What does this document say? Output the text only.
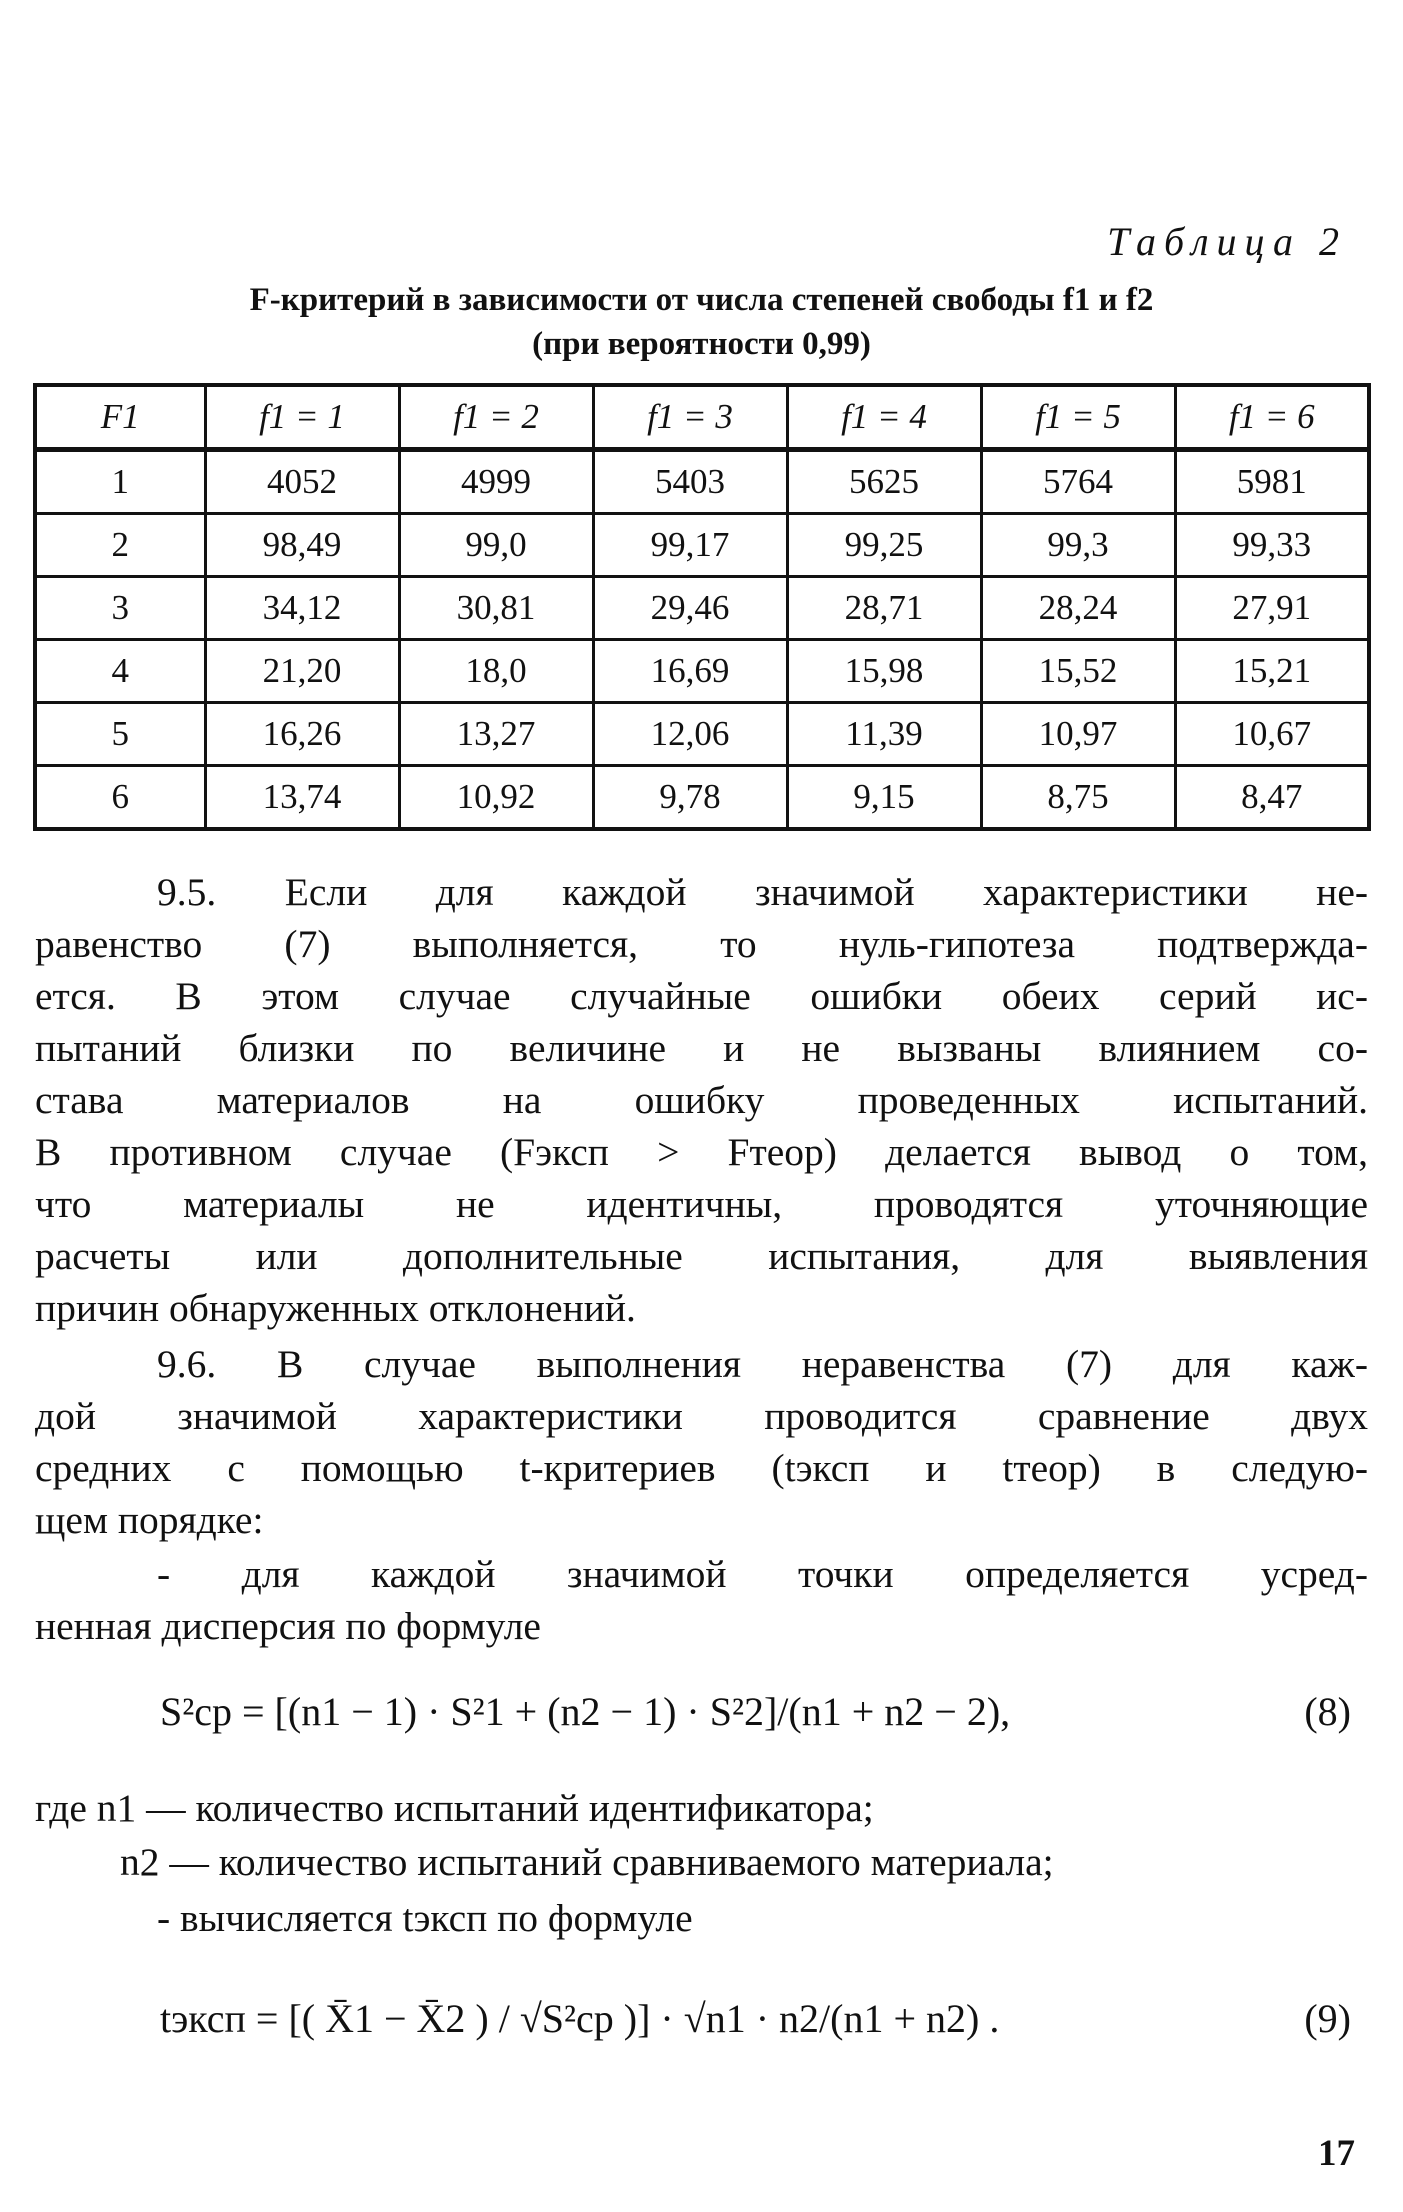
Таблица 2
F-критерий в зависимости от числа степеней свободы f1 и f2
(при вероятности 0,99)
F1	f1 = 1	f1 = 2	f1 = 3	f1 = 4	f1 = 5	f1 = 6
1	4052	4999	5403	5625	5764	5981
2	98,49	99,0	99,17	99,25	99,3	99,33
3	34,12	30,81	29,46	28,71	28,24	27,91
4	21,20	18,0	16,69	15,98	15,52	15,21
5	16,26	13,27	12,06	11,39	10,97	10,67
6	13,74	10,92	9,78	9,15	8,75	8,47
9.5. Если для каждой значимой характеристики не-
равенство (7) выполняется, то нуль-гипотеза подтвержда-
ется. В этом случае случайные ошибки обеих серий ис-
пытаний близки по величине и не вызваны влиянием со-
става материалов на ошибку проведенных испытаний.
В противном случае (Fэксп > Fтеор) делается вывод о том,
что материалы не идентичны, проводятся уточняющие
расчеты или дополнительные испытания, для выявления
причин обнаруженных отклонений.
9.6. В случае выполнения неравенства (7) для каж-
дой значимой характеристики проводится сравнение двух
средних с помощью t-критериев (tэксп и tтеор) в следую-
щем порядке:
- для каждой значимой точки определяется усред-
ненная дисперсия по формуле
S²ср = [(n1 − 1) · S²1 + (n2 − 1) · S²2]/(n1 + n2 − 2),	(8)
где n1 — количество испытаний идентификатора;
n2 — количество испытаний сравниваемого материала;
- вычисляется tэксп по формуле
tэксп = [( X̄1 − X̄2 ) / √S²ср )] · √n1 · n2/(n1 + n2) .	(9)
17
